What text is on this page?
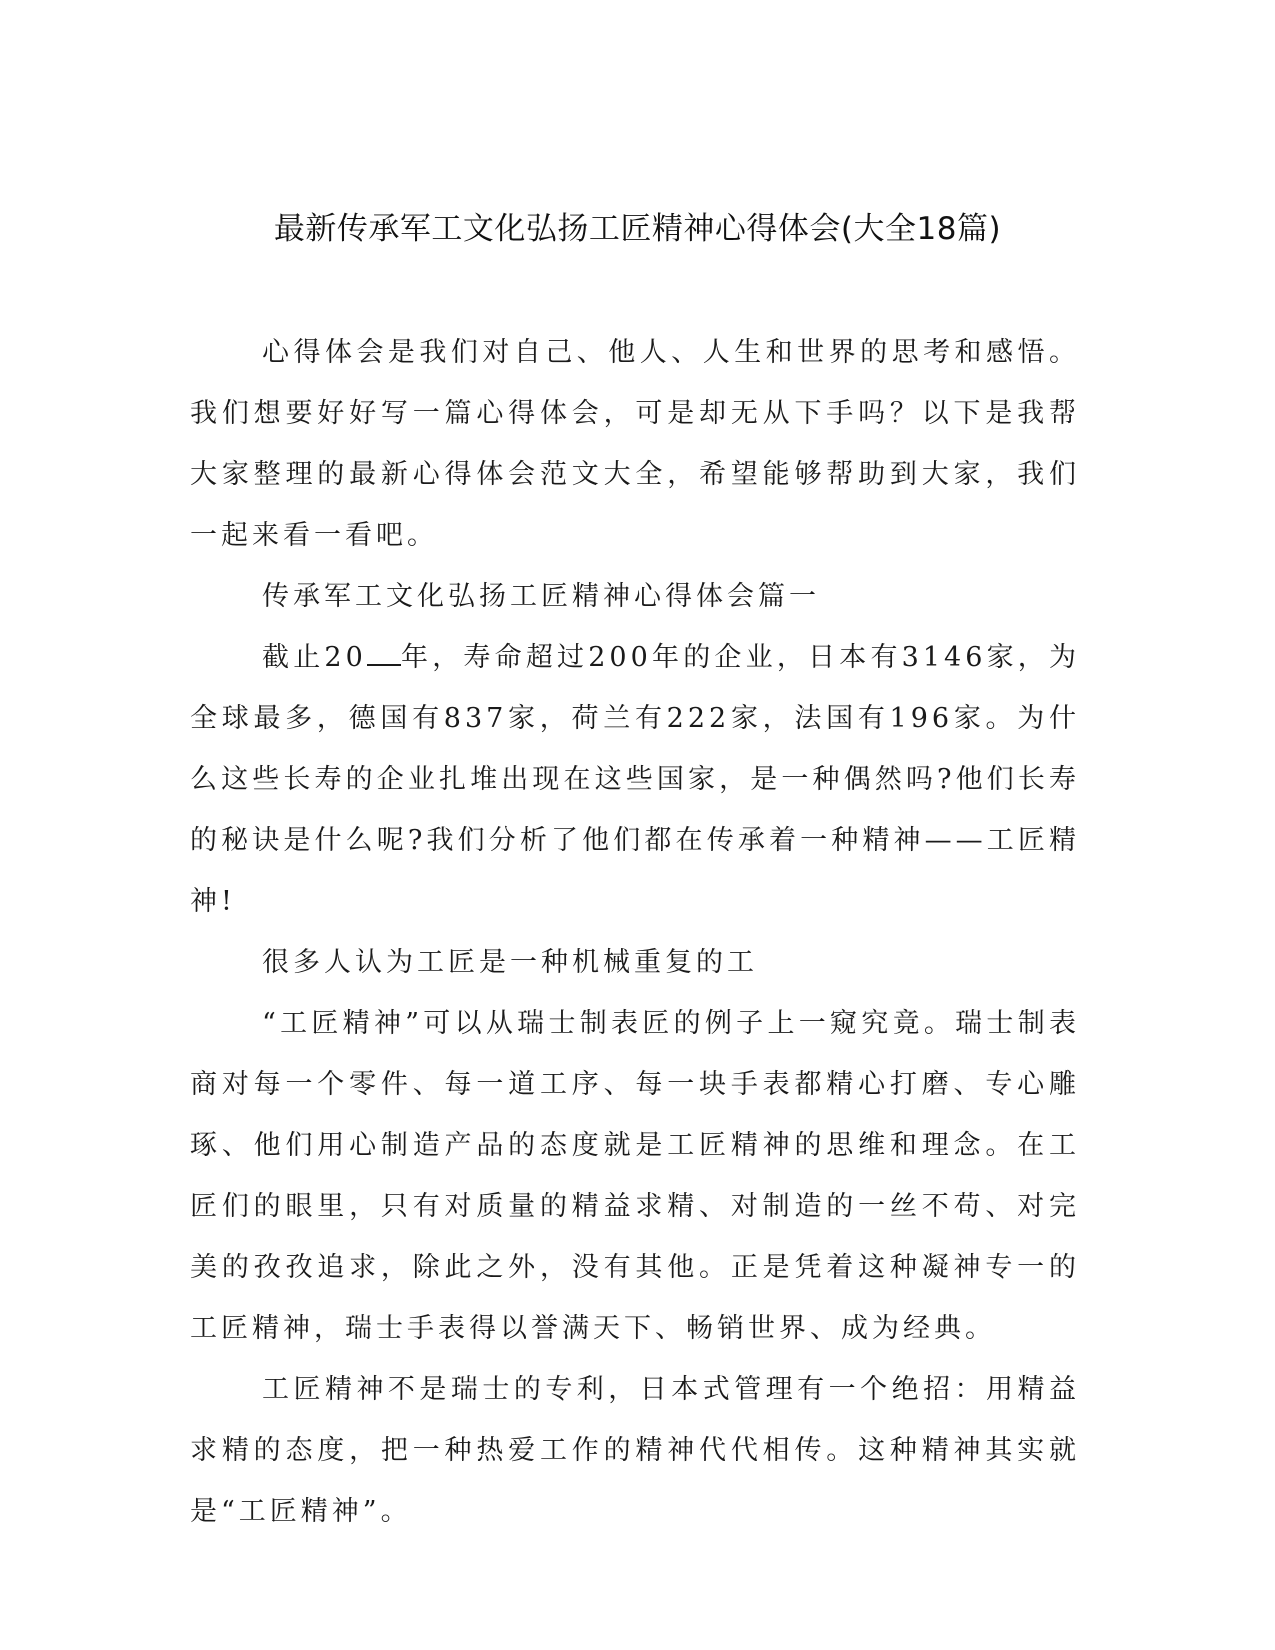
最新传承军工文化弘扬工匠精神心得体会(大全18篇)

心得体会是我们对自己、他人、人生和世界的思考和感悟。我们想要好好写一篇心得体会，可是却无从下手吗？以下是我帮大家整理的最新心得体会范文大全，希望能够帮助到大家，我们一起来看一看吧。

传承军工文化弘扬工匠精神心得体会篇一

截止20 年，寿命超过200年的企业，日本有3146家，为全球最多，德国有837家，荷兰有222家，法国有196家。为什么这些长寿的企业扎堆出现在这些国家，是一种偶然吗?他们长寿的秘诀是什么呢?我们分析了他们都在传承着一种精神——工匠精神!

很多人认为工匠是一种机械重复的工

“工匠精神”可以从瑞士制表匠的例子上一窥究竟。瑞士制表商对每一个零件、每一道工序、每一块手表都精心打磨、专心雕琢、他们用心制造产品的态度就是工匠精神的思维和理念。在工匠们的眼里，只有对质量的精益求精、对制造的一丝不苟、对完美的孜孜追求，除此之外，没有其他。正是凭着这种凝神专一的工匠精神，瑞士手表得以誉满天下、畅销世界、成为经典。

工匠精神不是瑞士的专利，日本式管理有一个绝招：用精益求精的态度，把一种热爱工作的精神代代相传。这种精神其实就是“工匠精神”。
